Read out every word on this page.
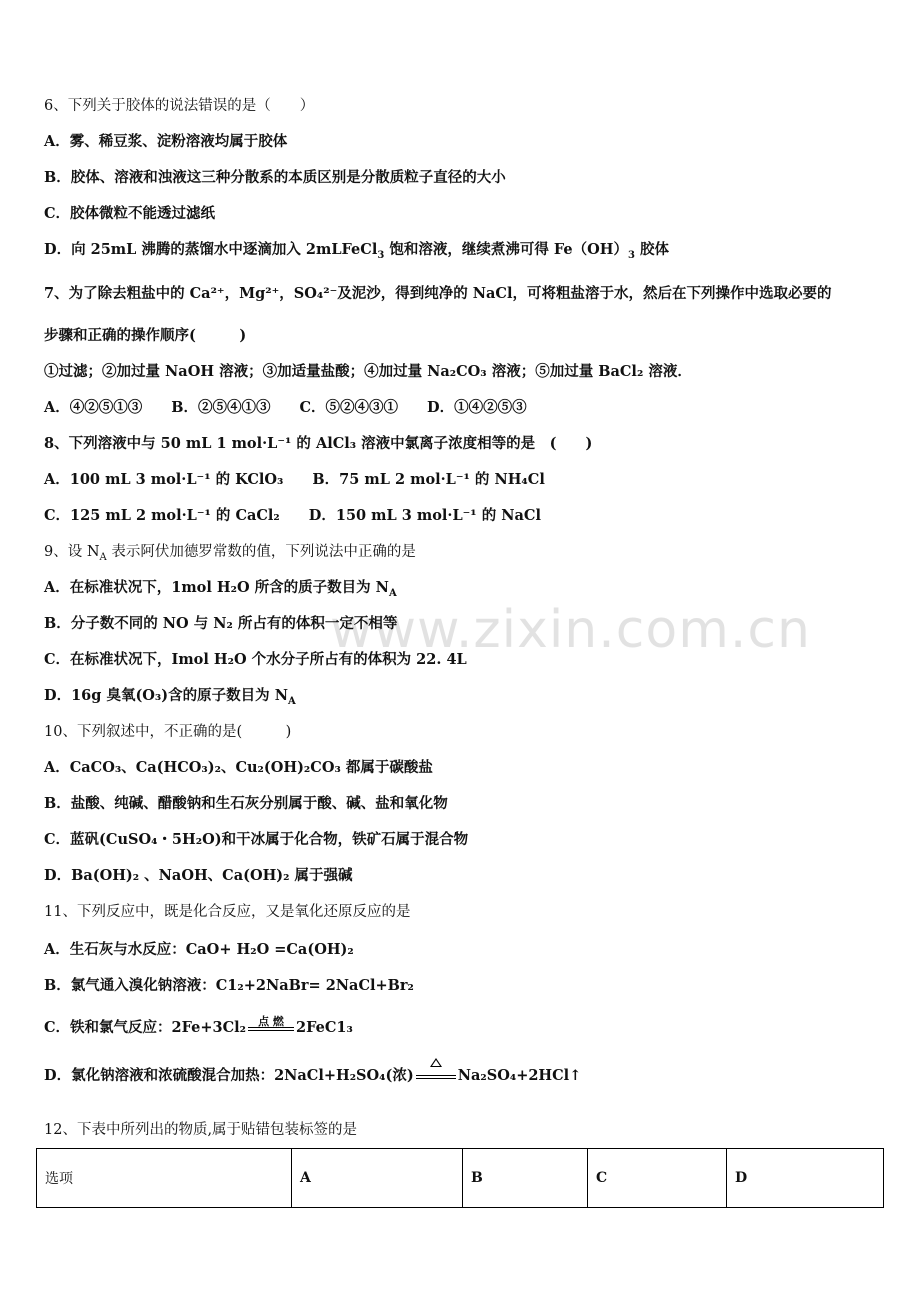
www.zixin.com.cn
6、下列关于胶体的说法错误的是（　　）
A．雾、稀豆浆、淀粉溶液均属于胶体
B．胶体、溶液和浊液这三种分散系的本质区别是分散质粒子直径的大小
C．胶体微粒不能透过滤纸
D．向 25mL 沸腾的蒸馏水中逐滴加入 2mLFeCl$_3$ 饱和溶液，继续煮沸可得 $Fe(OH)_3$ 胶体
7、为了除去粗盐中的 Ca²⁺，Mg²⁺，SO₄²⁻及泥沙，得到纯净的 NaCl，可将粗盐溶于水，然后在下列操作中选取必要的
步骤和正确的操作顺序(　　　)
①过滤；②加过量 NaOH 溶液；③加适量盐酸；④加过量 Na₂CO₃ 溶液；⑤加过量 BaCl₂ 溶液．
A．④②⑤①③　　B．②⑤④①③　　C．⑤②④③①　　D．①④②⑤③
8、下列溶液中与 50 mL 1 mol·L⁻¹ 的 AlCl₃ 溶液中氯离子浓度相等的是　(　　)
A．100 mL 3 mol·L⁻¹ 的 KClO₃　　B．75 mL 2 mol·L⁻¹ 的 NH₄Cl
C．125 mL 2 mol·L⁻¹ 的 CaCl₂　　D．150 mL 3 mol·L⁻¹ 的 NaCl
9、设 $N_A$ 表示阿伏加德罗常数的值，下列说法中正确的是
A．在标准状况下，1mol H₂O 所含的质子数目为 $N_A$
B．分子数不同的 NO 与 N₂ 所占有的体积一定不相等
C．在标准状况下，Imol H₂O 个水分子所占有的体积为 22. 4L
D．16g 臭氧(O₃)含的原子数目为 $N_A$
10、下列叙述中，不正确的是(　　　)
A．CaCO₃、Ca(HCO₃)₂、Cu₂(OH)₂CO₃ 都属于碳酸盐
B．盐酸、纯碱、醋酸钠和生石灰分别属于酸、碱、盐和氧化物
C．蓝矾(CuSO₄・5H₂O)和干冰属于化合物，铁矿石属于混合物
D．Ba(OH)₂ 、NaOH、Ca(OH)₂ 属于强碱
11、下列反应中，既是化合反应，又是氧化还原反应的是
A．生石灰与水反应：CaO+ H₂O =Ca(OH)₂
B．氯气通入溴化钠溶液：C1₂+2NaBr= 2NaCl+Br₂
C．铁和氯气反应：2Fe+3Cl₂	点 燃 2FeC1₃
D．氯化钠溶液和浓硫酸混合加热：2NaCl+H₂SO₄(浓)	Na₂SO₄+2HCl↑
12、下表中所列出的物质,属于贴错包装标签的是
选项	A	B	C	D
